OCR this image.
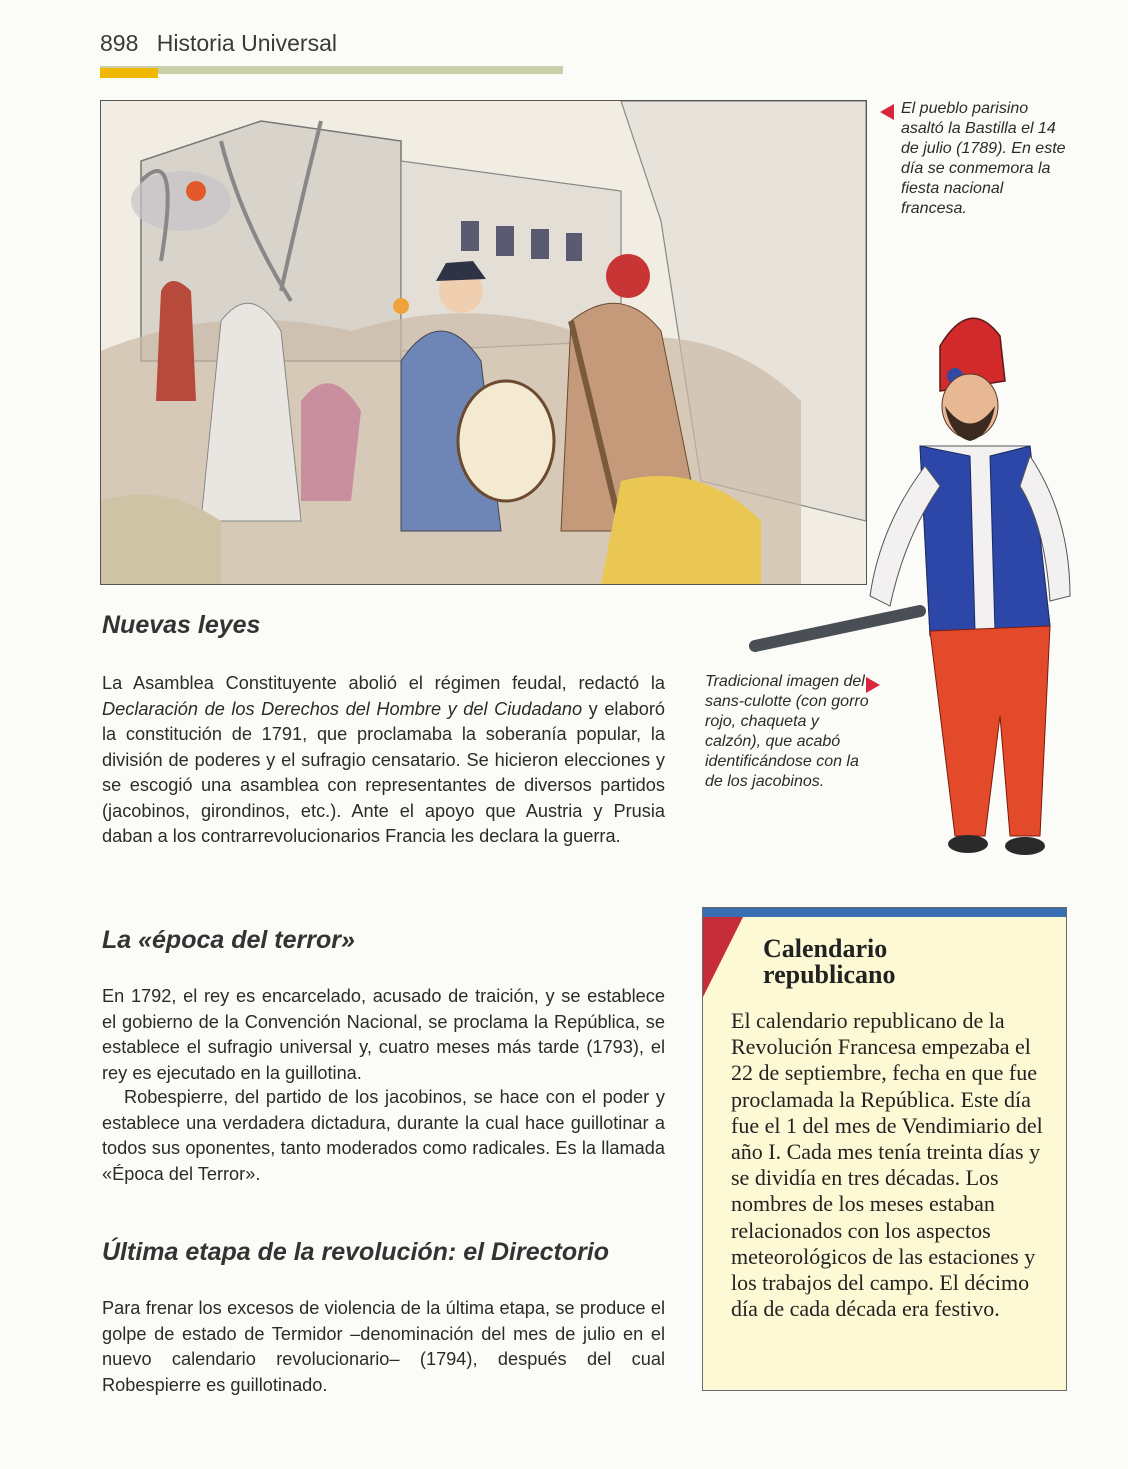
898 Historia Universal
El pueblo parisino asaltó la Bastilla el 14 de julio (1789). En este día se conmemora la fiesta nacional francesa.
Tradicional imagen del sans-culotte (con gorro rojo, chaqueta y calzón), que acabó identificándose con la de los jacobinos.
Nuevas leyes

La Asamblea Constituyente abolió el régimen feudal, redactó la Declaración de los Derechos del Hombre y del Ciudadano y elaboró la constitución de 1791, que proclamaba la soberanía popular, la división de poderes y el sufragio censatario. Se hicieron elecciones y se escogió una asamblea con representantes de diversos partidos (jacobinos, girondinos, etc.). Ante el apoyo que Austria y Prusia daban a los contrarrevolucionarios Francia les declara la guerra.

La «época del terror»

En 1792, el rey es encarcelado, acusado de traición, y se establece el gobierno de la Convención Nacional, se proclama la República, se establece el sufragio universal y, cuatro meses más tarde (1793), el rey es ejecutado en la guillotina.

Robespierre, del partido de los jacobinos, se hace con el poder y establece una verdadera dictadura, durante la cual hace guillotinar a todos sus oponentes, tanto moderados como radicales. Es la llamada «Época del Terror».

Última etapa de la revolución: el Directorio

Para frenar los excesos de violencia de la última etapa, se produce el golpe de estado de Termidor –denominación del mes de julio en el nuevo calendario revolucionario– (1794), después del cual Robespierre es guillotinado.

Calendario
republicano

El calendario republicano de la Revolución Francesa empezaba el 22 de septiembre, fecha en que fue proclamada la República. Este día fue el 1 del mes de Vendimiario del año I. Cada mes tenía treinta días y se dividía en tres décadas. Los nombres de los meses estaban relacionados con los aspectos meteorológicos de las estaciones y los trabajos del campo. El décimo día de cada década era festivo.
